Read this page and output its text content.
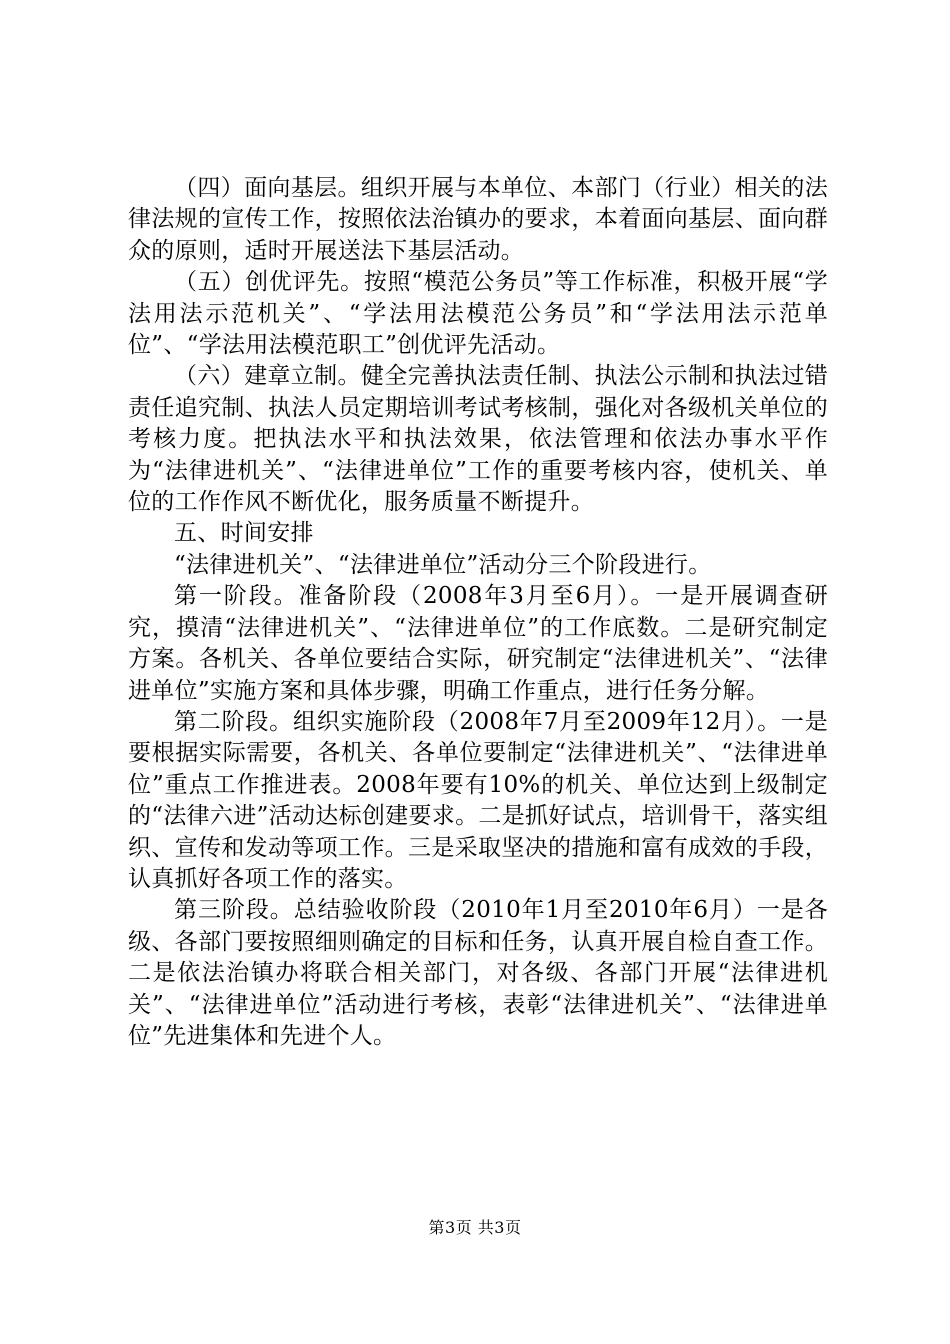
（四）面向基层。组织开展与本单位、本部门（行业）相关的法律法规的宣传工作，按照依法治镇办的要求，本着面向基层、面向群众的原则，适时开展送法下基层活动。

（五）创优评先。按照“模范公务员”等工作标准，积极开展“学法用法示范机关”、“学法用法模范公务员”和“学法用法示范单位”、“学法用法模范职工”创优评先活动。

（六）建章立制。健全完善执法责任制、执法公示制和执法过错责任追究制、执法人员定期培训考试考核制，强化对各级机关单位的考核力度。把执法水平和执法效果，依法管理和依法办事水平作为“法律进机关”、“法律进单位”工作的重要考核内容，使机关、单位的工作作风不断优化，服务质量不断提升。

五、时间安排

“法律进机关”、“法律进单位”活动分三个阶段进行。

第一阶段。准备阶段（2008年3月至6月）。一是开展调查研究，摸清“法律进机关”、“法律进单位”的工作底数。二是研究制定方案。各机关、各单位要结合实际，研究制定“法律进机关”、“法律进单位”实施方案和具体步骤，明确工作重点，进行任务分解。

第二阶段。组织实施阶段（2008年7月至2009年12月）。一是要根据实际需要，各机关、各单位要制定“法律进机关”、“法律进单位”重点工作推进表。2008年要有10%的机关、单位达到上级制定的“法律六进”活动达标创建要求。二是抓好试点，培训骨干，落实组织、宣传和发动等项工作。三是采取坚决的措施和富有成效的手段，认真抓好各项工作的落实。

第三阶段。总结验收阶段（2010年1月至2010年6月）一是各级、各部门要按照细则确定的目标和任务，认真开展自检自查工作。二是依法治镇办将联合相关部门，对各级、各部门开展“法律进机关”、“法律进单位”活动进行考核，表彰“法律进机关”、“法律进单位”先进集体和先进个人。

第3页 共3页
